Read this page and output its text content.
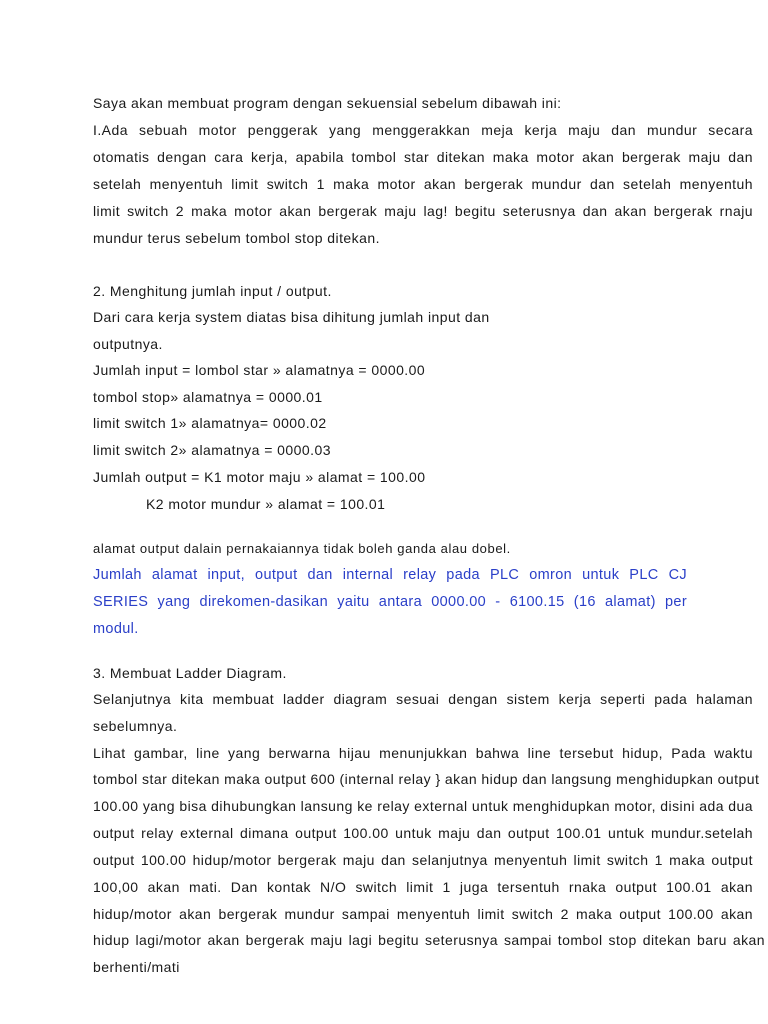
Saya akan membuat program dengan sekuensial sebelum dibawah ini:
I.Ada sebuah motor penggerak yang menggerakkan meja kerja maju dan mundur secara
otomatis dengan cara kerja, apabila tombol star ditekan maka motor akan bergerak maju dan
setelah menyentuh limit switch 1 maka motor akan bergerak mundur dan setelah menyentuh
limit switch 2 maka motor akan bergerak maju lag! begitu seterusnya dan akan bergerak rnaju
mundur terus sebelum tombol stop ditekan.
2. Menghitung jumlah input / output.
Dari cara kerja system diatas bisa dihitung jumlah input dan
outputnya.
Jumlah input = lombol star » alamatnya = 0000.00
tombol stop» alamatnya = 0000.01
limit switch 1» alamatnya= 0000.02
limit switch 2» alamatnya = 0000.03
Jumlah output = K1 motor maju » alamat = 100.00
K2 motor mundur » alamat = 100.01
alamat output dalain pernakaiannya tidak boleh ganda alau dobel.
Jumlah alamat input, output dan internal relay pada PLC omron untuk PLC CJ
SERIES yang direkomen-dasikan yaitu antara 0000.00 - 6100.15 (16 alamat) per
modul.
3. Membuat Ladder Diagram.
Selanjutnya kita membuat ladder diagram sesuai dengan sistem kerja seperti pada halaman
sebelumnya.
Lihat gambar, line yang berwarna hijau menunjukkan bahwa line tersebut hidup, Pada waktu
tombol star ditekan maka output 600 (internal relay } akan hidup dan langsung menghidupkan output
100.00 yang bisa dihubungkan lansung ke relay external untuk menghidupkan motor, disini ada dua
output relay external dimana output 100.00 untuk maju dan output 100.01 untuk mundur.setelah
output 100.00 hidup/motor bergerak maju dan selanjutnya menyentuh limit switch 1 maka output
100,00 akan mati. Dan kontak N/O switch limit 1 juga tersentuh rnaka output 100.01 akan
hidup/motor akan bergerak mundur sampai menyentuh limit switch 2 maka output 100.00 akan
hidup lagi/motor akan bergerak maju lagi begitu seterusnya sampai tombol stop ditekan baru akan
berhenti/mati
